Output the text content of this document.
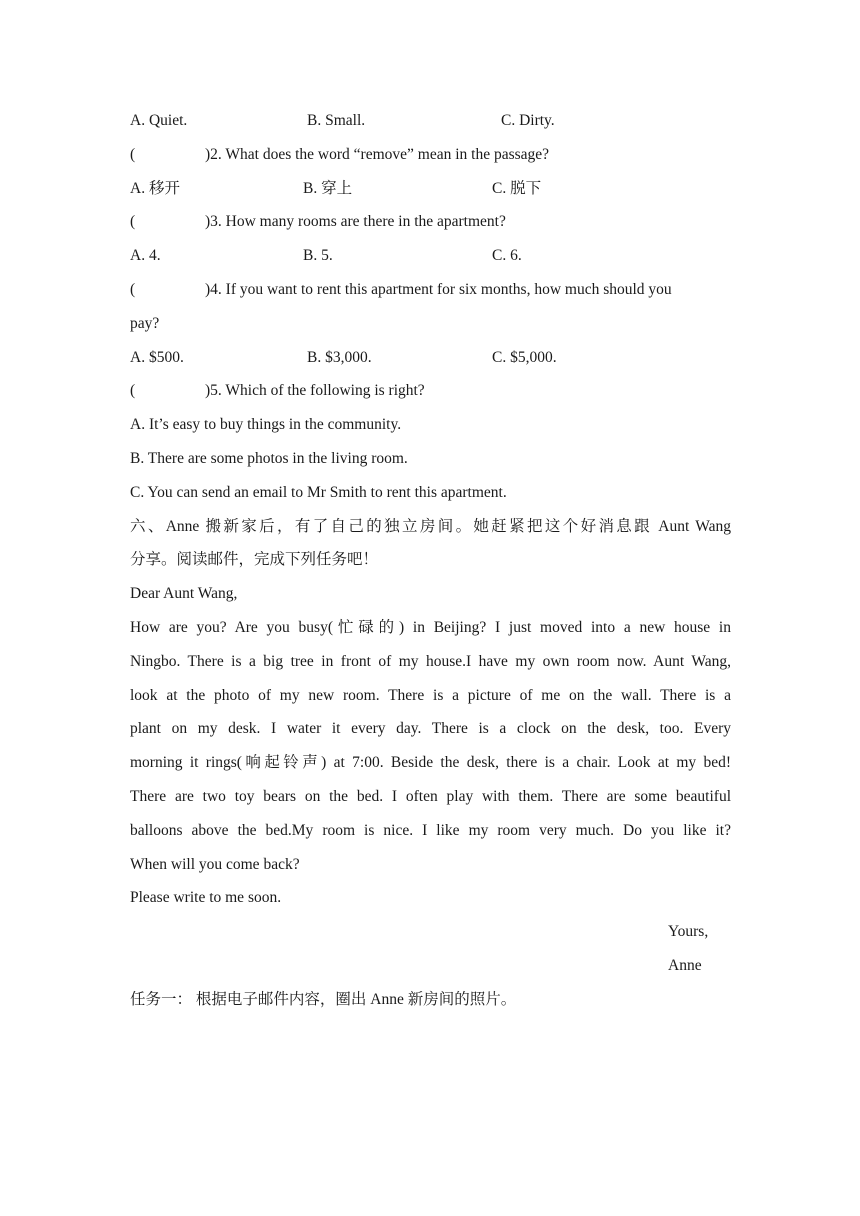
A. Quiet.	B. Small.	C. Dirty.
(	)2. What does the word “remove” mean in the passage?
A. 移开	B. 穿上	C. 脱下
(	)3. How many rooms are there in the apartment?
A. 4.	B. 5.	C. 6.
(	)4. If you want to rent this apartment for six months, how much should you
pay?
A. $500.	B. $3,000.	C. $5,000.
(	)5. Which of the following is right?
A. It’s easy to buy things in the community.
B. There are some photos in the living room.
C. You can send an email to Mr Smith to rent this apartment.
六、Anne 搬新家后，有了自己的独立房间。她赶紧把这个好消息跟 Aunt Wang
分享。阅读邮件，完成下列任务吧！
Dear Aunt Wang,
How are you? Are you busy(忙碌的) in Beijing? I just moved into a new house in
Ningbo. There is a big tree in front of my house.I have my own room now. Aunt Wang,
look at the photo of my new room. There is a picture of me on the wall. There is a
plant on my desk. I water it every day. There is a clock on the desk, too. Every
morning it rings(响起铃声) at 7:00. Beside the desk, there is a chair. Look at my bed!
There are two toy bears on the bed. I often play with them. There are some beautiful
balloons above the bed.My room is nice. I like my room very much. Do you like it?
When will you come back?
Please write to me soon.
Yours,
Anne
任务一： 根据电子邮件内容，圈出 Anne 新房间的照片。
